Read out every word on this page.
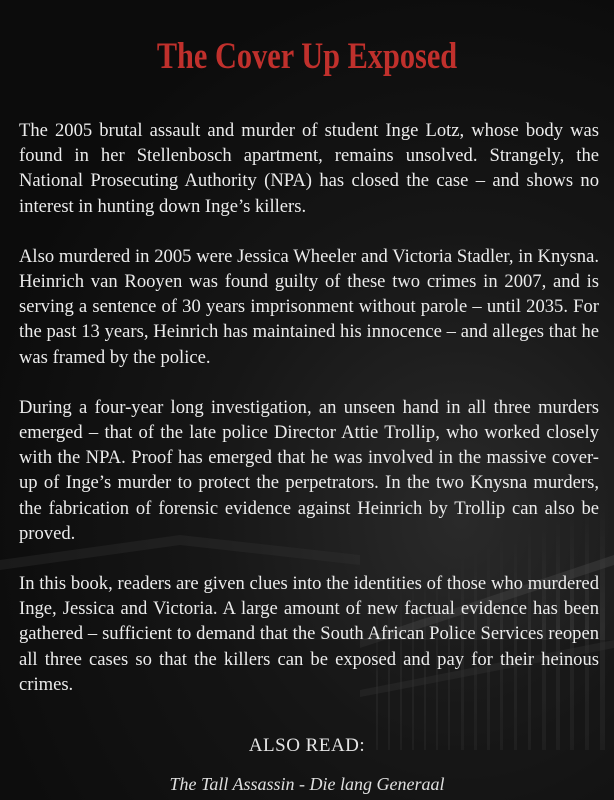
The Cover Up Exposed

The 2005 brutal assault and murder of student Inge Lotz, whose body was found in her Stellenbosch apartment, remains unsolved. Strangely, the National Prosecuting Authority (NPA) has closed the case – and shows no interest in hunting down Inge’s killers.

Also murdered in 2005 were Jessica Wheeler and Victoria Stadler, in Knysna. Heinrich van Rooyen was found guilty of these two crimes in 2007, and is serving a sentence of 30 years imprisonment without parole – until 2035. For the past 13 years, Heinrich has maintained his innocence – and alleges that he was framed by the police.

During a four-year long investigation, an unseen hand in all three murders emerged – that of the late police Director Attie Trollip, who worked closely with the NPA. Proof has emerged that he was involved in the massive cover-up of Inge’s murder to protect the perpetrators. In the two Knysna murders, the fabrication of forensic evidence against Heinrich by Trollip can also be proved.

In this book, readers are given clues into the identities of those who murdered Inge, Jessica and Victoria. A large amount of new factual evidence has been gathered – sufficient to demand that the South African Police Services reopen all three cases so that the killers can be exposed and pay for their heinous crimes.

ALSO READ:
The Tall Assassin - Die lang Generaal
